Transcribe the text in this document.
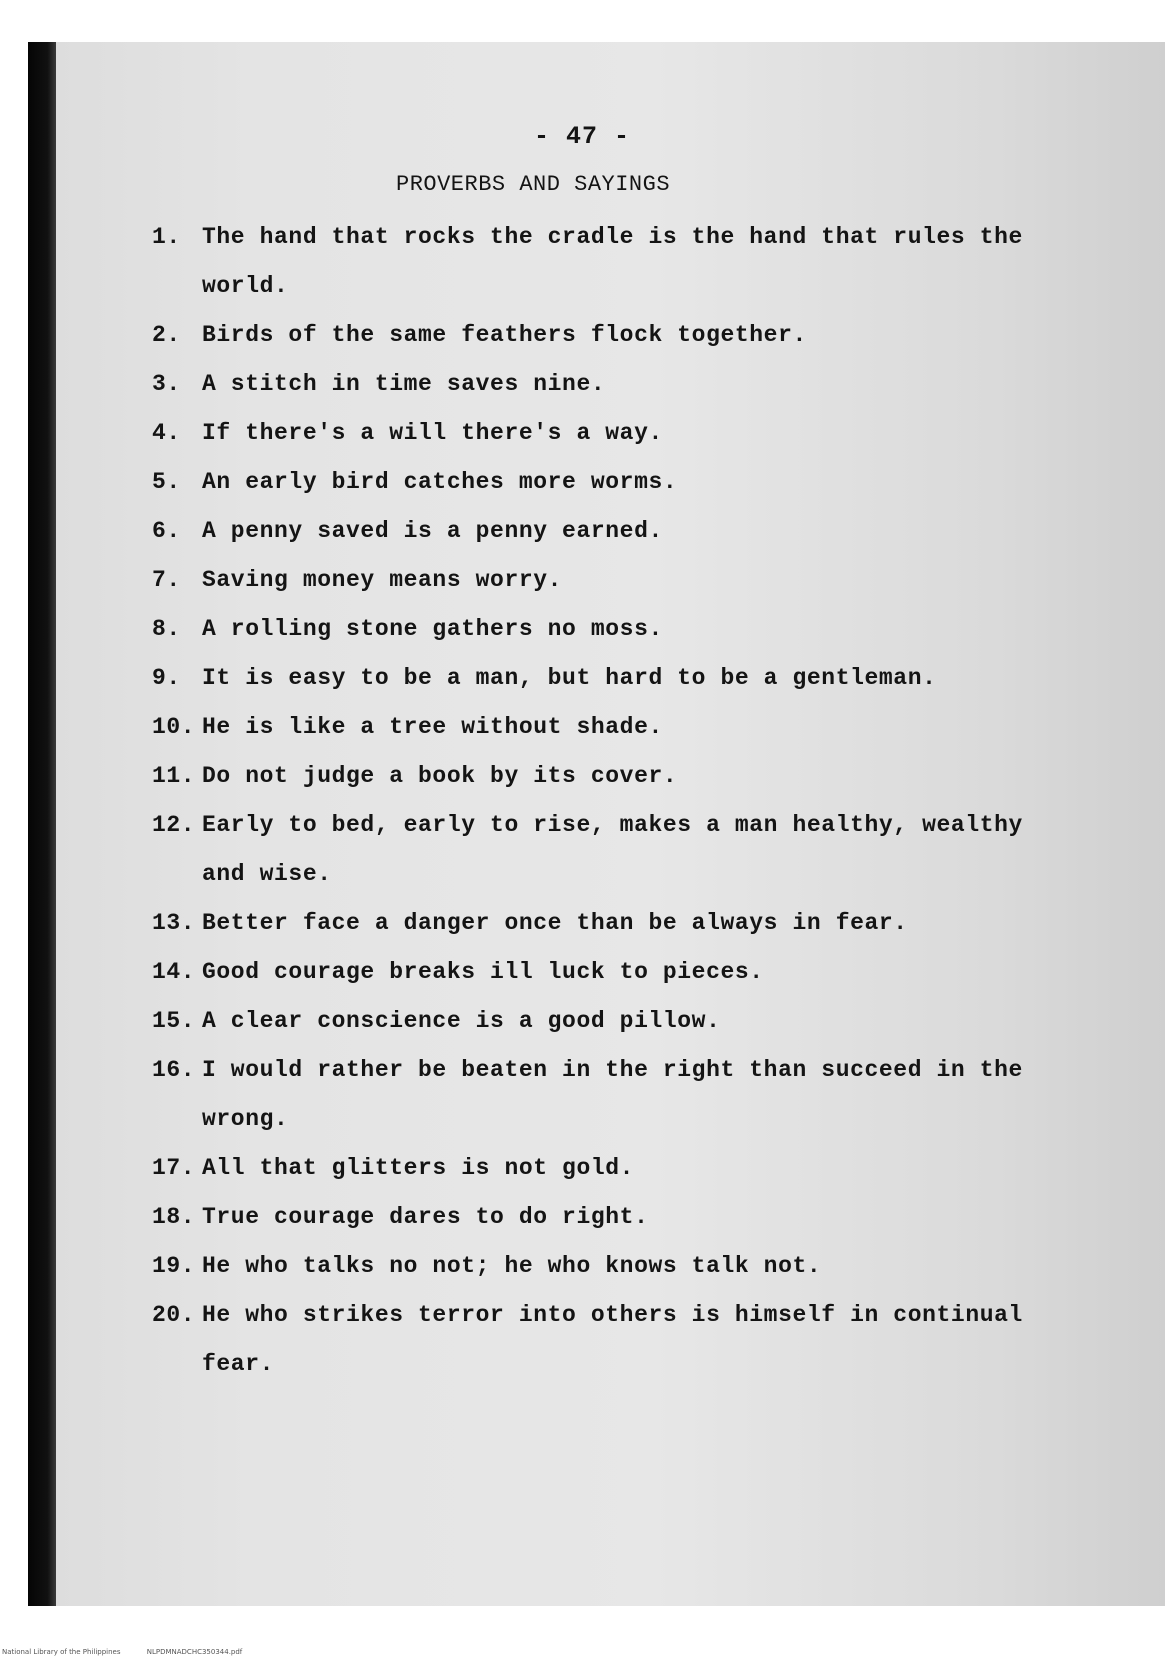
- 47 -
PROVERBS AND SAYINGS
1. The hand that rocks the cradle is the hand that rules the
world.
2. Birds of the same feathers flock together.
3. A stitch in time saves nine.
4. If there's a will there's a way.
5. An early bird catches more worms.
6. A penny saved is a penny earned.
7. Saving money means worry.
8. A rolling stone gathers no moss.
9. It is easy to be a man, but hard to be a gentleman.
10. He is like a tree without shade.
11. Do not judge a book by its cover.
12. Early to bed, early to rise, makes a man healthy, wealthy
and wise.
13. Better face a danger once than be always in fear.
14. Good courage breaks ill luck to pieces.
15. A clear conscience is a good pillow.
16. I would rather be beaten in the right than succeed in the
wrong.
17. All that glitters is not gold.
18. True courage dares to do right.
19. He who talks no not; he who knows talk not.
20. He who strikes terror into others is himself in continual
fear.
National Library of the Philippines	NLPDMNADCHC350344.pdf
